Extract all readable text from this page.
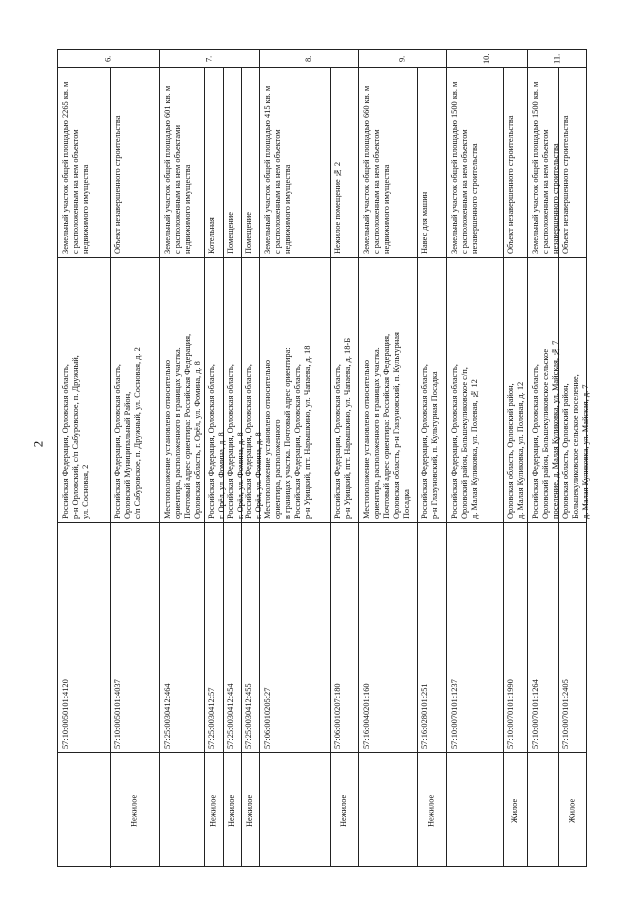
2
6.
Земельный участок общей площадью 2265 кв. м
с расположенным на нем объектом
недвижимого имущества
Российская Федерация, Орловская область,
р-н Орловский, с/п Сабуровское, п. Дружный,
ул. Сосновая, 2
57:10:0050101:4120
Объект незавершенного строительства
Российская Федерация, Орловская область,
Орловский Муниципальный Район,
с/п Сабуровское, п. Дружный, ул. Сосновая, д. 2
57:10:0050101:4037
Нежилое
7.
Земельный участок общей площадью 601 кв. м
с расположенным на нем объектами
недвижимого имущества
Местоположение установлено относительно
ориентира, расположенного в границах участка.
Почтовый адрес ориентира: Российская Федерация,
Орловская область, г. Орёл, ул. Фомина, д. 8
57:25:0030412:464
Котельная
Российская Федерация, Орловская область,
г. Орёл, ул. Фомина, д. 8
57:25:0030412:57
Нежилое
Помещение
Российская Федерация, Орловская область,
г. Орёл, ул. Фомина, д. 8
57:25:0030412:454
Нежилое
Помещение
Российская Федерация, Орловская область,
г. Орёл, ул. Фомина, д. 8
57:25:0030412:455
Нежилое
8.
Земельный участок общей площадью 415 кв. м
с расположенным на нем объектом
недвижимого имущества
Местоположение установлено относительно
ориентира, расположенного
в границах участка. Почтовый адрес ориентира:
Российская Федерация, Орловская область,
р-н Урицкий, пгт. Нарышкино, ул. Чапаева, д. 18
57:06:0010205:27
Нежилое помещение № 2
Российская Федерация, Орловская область,
р-н Урицкий, пгт. Нарышкино, ул. Чапаева, д. 18-Б
57:06:0010207:180
Нежилое
9.
Земельный участок общей площадью 660 кв. м
с расположенным на нем объектом
недвижимого имущества
Местоположение установлено относительно
ориентира, расположенного в границах участка.
Почтовый адрес ориентира: Российская Федерация,
Орловская область, р-н Глазуновский, п. Культурная
Посадка
57:16:0040201:160
Навес для машин
Российская Федерация, Орловская область,
р-н Глазуновский, п. Культурная Посадка
57:16:0280101:251
Нежилое
10.
Земельный участок общей площадью 1500 кв. м
с расположенным на нем объектом
незавершенного строительства
Российская Федерация, Орловская область,
Орловский район, Большекуликовское с/п,
д. Малая Куликовка, ул. Полевая, № 12
57:10:0070101:1237
Объект незавершенного строительства
Орловская область, Орловский район,
д. Малая Куликовка, ул. Полевая, д. 12
57:10:0070101:1990
Жилое
11.
Земельный участок общей площадью 1500 кв. м
с расположенным на нем объектом
незавершенного строительства
Российская Федерация, Орловская область,
Орловский район, Большекуликовское сельское
поселение, д. Малая Куликовка, ул. Майская, № 7
57:10:0070101:1264
Объект незавершенного строительства
Орловская область, Орловский район,
Большекуликовское сельское поселение,
д. Малая Куликовка, ул. Майская, д. 7
57:10:0070101:2405
Жилое
